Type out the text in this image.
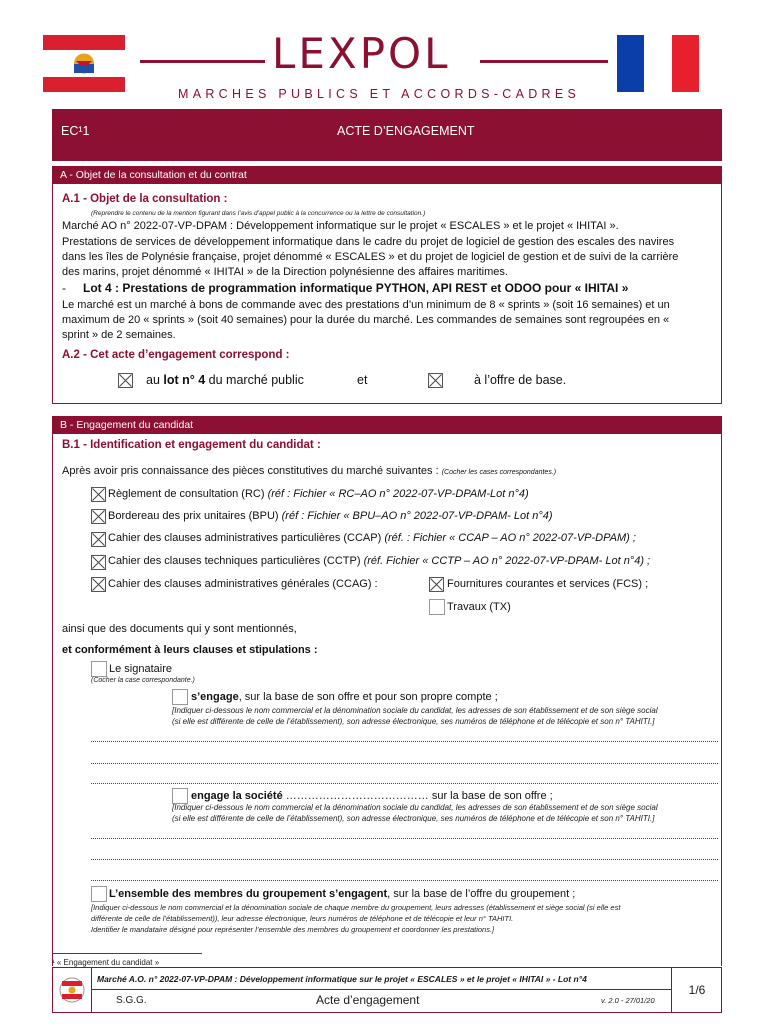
LEXPOL
MARCHES PUBLICS ET ACCORDS-CADRES
EC¹1	ACTE D’ENGAGEMENT
A - Objet de la consultation et du contrat
A.1 - Objet de la consultation :
(Reprendre le contenu de la mention figurant dans l’avis d’appel public à la concurrence ou la lettre de consultation.)
Marché AO n° 2022-07-VP-DPAM : Développement informatique sur le projet « ESCALES » et le projet « IHITAI ».
Prestations de services de développement informatique dans le cadre du projet de logiciel de gestion des escales des navires
dans les îles de Polynésie française, projet dénommé « ESCALES » et du projet de logiciel de gestion et de suivi de la carrière
des marins, projet dénommé « IHITAI » de la Direction polynésienne des affaires maritimes.
- Lot 4 : Prestations de programmation informatique PYTHON, API REST et ODOO pour « IHITAI »
Le marché est un marché à bons de commande avec des prestations d’un minimum de 8 « sprints » (soit 16 semaines) et un
maximum de 20 « sprints » (soit 40 semaines) pour la durée du marché. Les commandes de semaines sont regroupées en «
sprint » de 2 semaines.
A.2 - Cet acte d’engagement correspond :
au lot n° 4 du marché public	et	à l’offre de base.
B - Engagement du candidat
B.1 - Identification et engagement du candidat :
Après avoir pris connaissance des pièces constitutives du marché suivantes : (Cocher les cases correspondantes.)
Règlement de consultation (RC) (réf : Fichier « RC–AO n° 2022-07-VP-DPAM-Lot n°4)
Bordereau des prix unitaires (BPU) (réf : Fichier « BPU–AO n° 2022-07-VP-DPAM- Lot n°4)
Cahier des clauses administratives particulières (CCAP) (réf. : Fichier « CCAP – AO n° 2022-07-VP-DPAM) ;
Cahier des clauses techniques particulières (CCTP) (réf. Fichier « CCTP – AO n° 2022-07-VP-DPAM- Lot n°4) ;
Cahier des clauses administratives générales (CCAG) :	Fournitures courantes et services (FCS) ;
Travaux (TX)
ainsi que des documents qui y sont mentionnés,
et conformément à leurs clauses et stipulations :
Le signataire
(Cocher la case correspondante.)
s’engage, sur la base de son offre et pour son propre compte ;
[Indiquer ci-dessous le nom commercial et la dénomination sociale du candidat, les adresses de son établissement et de son siège social
(si elle est différente de celle de l’établissement), son adresse électronique, ses numéros de téléphone et de télécopie et son n° TAHITI.]
engage la société ………………………………… sur la base de son offre ;
[Indiquer ci-dessous le nom commercial et la dénomination sociale du candidat, les adresses de son établissement et de son siège social
(si elle est différente de celle de l’établissement), son adresse électronique, ses numéros de téléphone et de télécopie et son n° TAHITI.]
L’ensemble des membres du groupement s’engagent, sur la base de l’offre du groupement ;
[Indiquer ci-dessous le nom commercial et la dénomination sociale de chaque membre du groupement, leurs adresses (établissement et siège social (si elle est
différente de celle de l’établissement)), leur adresse électronique, leurs numéros de téléphone et de télécopie et leur n° TAHITI.
Identifier le mandataire désigné pour représenter l’ensemble des membres du groupement et coordonner les prestations.]
¹ « Engagement du candidat »
Marché A.O. n° 2022-07-VP-DPAM : Développement informatique sur le projet « ESCALES » et le projet « IHITAI » - Lot n°4
S.G.G.	Acte d’engagement	v. 2.0 - 27/01/20
1/6
